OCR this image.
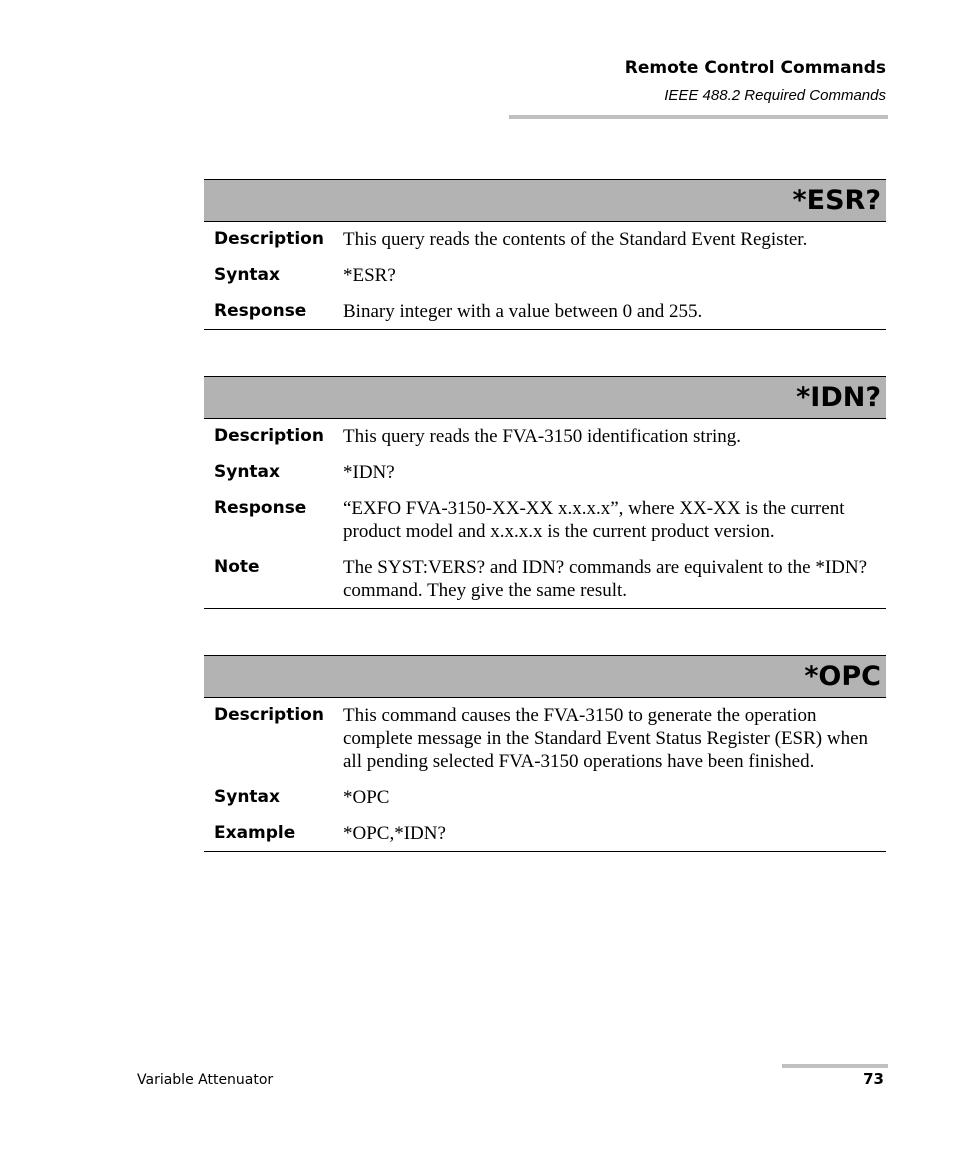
Remote Control Commands
IEEE 488.2 Required Commands
*ESR?
Description	This query reads the contents of the Standard Event Register.
Syntax	*ESR?
Response	Binary integer with a value between 0 and 255.
*IDN?
Description	This query reads the FVA-3150 identification string.
Syntax	*IDN?
Response	“EXFO FVA-3150-XX-XX x.x.x.x”, where XX-XX is the current product model and x.x.x.x is the current product version.
Note	The SYST:VERS? and IDN? commands are equivalent to the *IDN? command. They give the same result.
*OPC
Description	This command causes the FVA-3150 to generate the operation complete message in the Standard Event Status Register (ESR) when all pending selected FVA-3150 operations have been finished.
Syntax	*OPC
Example	*OPC,*IDN?
Variable Attenuator	73
